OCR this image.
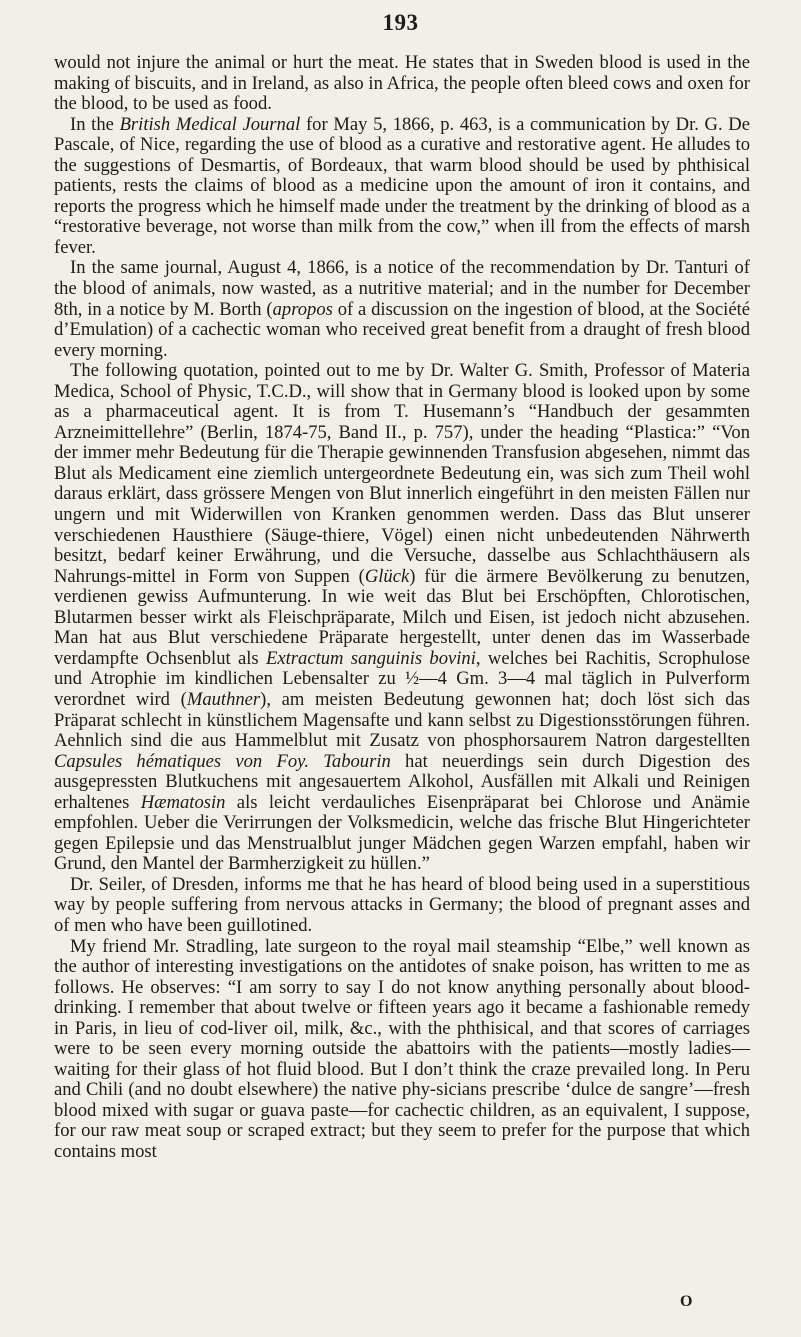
193

would not injure the animal or hurt the meat. He states that in Sweden blood is used in the making of biscuits, and in Ireland, as also in Africa, the people often bleed cows and oxen for the blood, to be used as food.

In the British Medical Journal for May 5, 1866, p. 463, is a communication by Dr. G. De Pascale, of Nice, regarding the use of blood as a curative and restorative agent. He alludes to the suggestions of Desmartis, of Bordeaux, that warm blood should be used by phthisical patients, rests the claims of blood as a medicine upon the amount of iron it contains, and reports the progress which he himself made under the treatment by the drinking of blood as a “restorative beverage, not worse than milk from the cow,” when ill from the effects of marsh fever.

In the same journal, August 4, 1866, is a notice of the recommendation by Dr. Tanturi of the blood of animals, now wasted, as a nutritive material; and in the number for December 8th, in a notice by M. Borth (apropos of a discussion on the ingestion of blood, at the Société d’Emulation) of a cachectic woman who received great benefit from a draught of fresh blood every morning.

The following quotation, pointed out to me by Dr. Walter G. Smith, Professor of Materia Medica, School of Physic, T.C.D., will show that in Germany blood is looked upon by some as a pharmaceutical agent. It is from T. Husemann’s “Handbuch der gesammten Arzneimittellehre” (Berlin, 1874-75, Band II., p. 757), under the heading “Plastica:” “Von der immer mehr Bedeutung für die Therapie gewinnenden Transfusion abgesehen, nimmt das Blut als Medicament eine ziemlich untergeordnete Bedeutung ein, was sich zum Theil wohl daraus erklärt, dass grössere Mengen von Blut innerlich eingeführt in den meisten Fällen nur ungern und mit Widerwillen von Kranken genommen werden. Dass das Blut unserer verschiedenen Hausthiere (Säuge-thiere, Vögel) einen nicht unbedeutenden Nährwerth besitzt, bedarf keiner Erwährung, und die Versuche, dasselbe aus Schlachthäusern als Nahrungs-mittel in Form von Suppen (Glück) für die ärmere Bevölkerung zu benutzen, verdienen gewiss Aufmunterung. In wie weit das Blut bei Erschöpften, Chlorotischen, Blutarmen besser wirkt als Fleischpräparate, Milch und Eisen, ist jedoch nicht abzusehen. Man hat aus Blut verschiedene Präparate hergestellt, unter denen das im Wasserbade verdampfte Ochsenblut als Extractum sanguinis bovini, welches bei Rachitis, Scrophulose und Atrophie im kindlichen Lebensalter zu ½—4 Gm. 3—4 mal täglich in Pulverform verordnet wird (Mauthner), am meisten Bedeutung gewonnen hat; doch löst sich das Präparat schlecht in künstlichem Magensafte und kann selbst zu Digestionsstörungen führen. Aehnlich sind die aus Hammelblut mit Zusatz von phosphorsaurem Natron dargestellten Capsules hématiques von Foy. Tabourin hat neuerdings sein durch Digestion des ausgepressten Blutkuchens mit angesauertem Alkohol, Ausfällen mit Alkali und Reinigen erhaltenes Hæmatosin als leicht verdauliches Eisenpräparat bei Chlorose und Anämie empfohlen. Ueber die Verirrungen der Volksmedicin, welche das frische Blut Hingerichteter gegen Epilepsie und das Menstrualblut junger Mädchen gegen Warzen empfahl, haben wir Grund, den Mantel der Barmherzigkeit zu hüllen.”

Dr. Seiler, of Dresden, informs me that he has heard of blood being used in a superstitious way by people suffering from nervous attacks in Germany; the blood of pregnant asses and of men who have been guillotined.

My friend Mr. Stradling, late surgeon to the royal mail steamship “Elbe,” well known as the author of interesting investigations on the antidotes of snake poison, has written to me as follows. He observes: “I am sorry to say I do not know anything personally about blood-drinking. I remember that about twelve or fifteen years ago it became a fashionable remedy in Paris, in lieu of cod-liver oil, milk, &c., with the phthisical, and that scores of carriages were to be seen every morning outside the abattoirs with the patients—mostly ladies—waiting for their glass of hot fluid blood. But I don’t think the craze prevailed long. In Peru and Chili (and no doubt elsewhere) the native phy-sicians prescribe ‘dulce de sangre’—fresh blood mixed with sugar or guava paste—for cachectic children, as an equivalent, I suppose, for our raw meat soup or scraped extract; but they seem to prefer for the purpose that which contains most

O
